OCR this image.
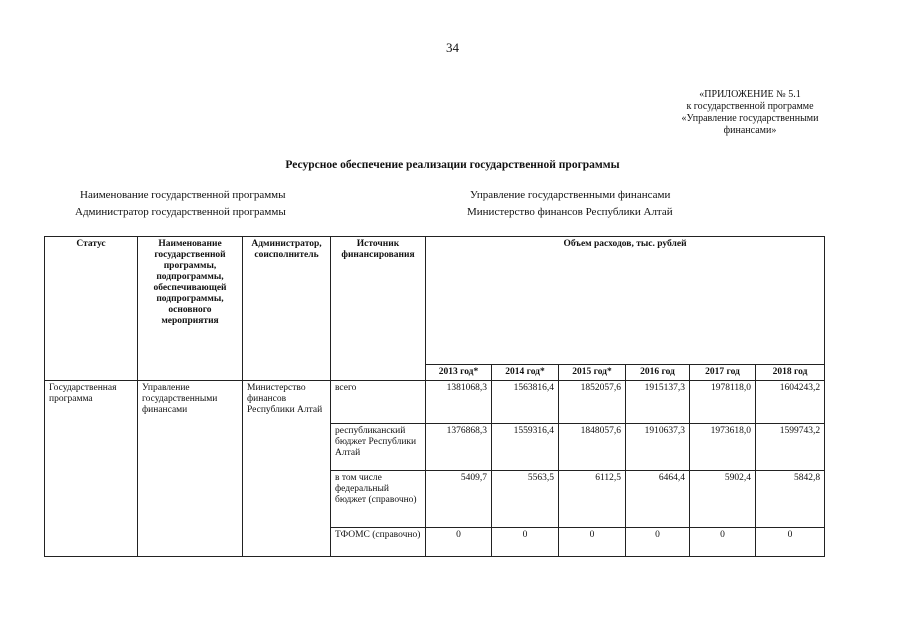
34
«ПРИЛОЖЕНИЕ № 5.1
к государственной программе
«Управление государственными
финансами»
Ресурсное обеспечение реализации государственной программы
Наименование государственной программы	Управление государственными финансами
Администратор государственной программы	Министерство финансов Республики Алтай
Статус	Наименование государственной программы, подпрограммы, обеспечивающей подпрограммы, основного мероприятия	Администратор, соисполнитель	Источник финансирования	Объем расходов, тыс. рублей					
				2013 год*	2014 год*	2015 год*	2016 год	2017 год	2018 год
Государственная программа	Управление государственными финансами	Министерство финансов Республики Алтай	всего	1381068,3	1563816,4	1852057,6	1915137,3	1978118,0	1604243,2
			республиканский бюджет Республики Алтай	1376868,3	1559316,4	1848057,6	1910637,3	1973618,0	1599743,2
			в том числе федеральный бюджет (справочно)	5409,7	5563,5	6112,5	6464,4	5902,4	5842,8
			ТФОМС (справочно)	0	0	0	0	0	0
